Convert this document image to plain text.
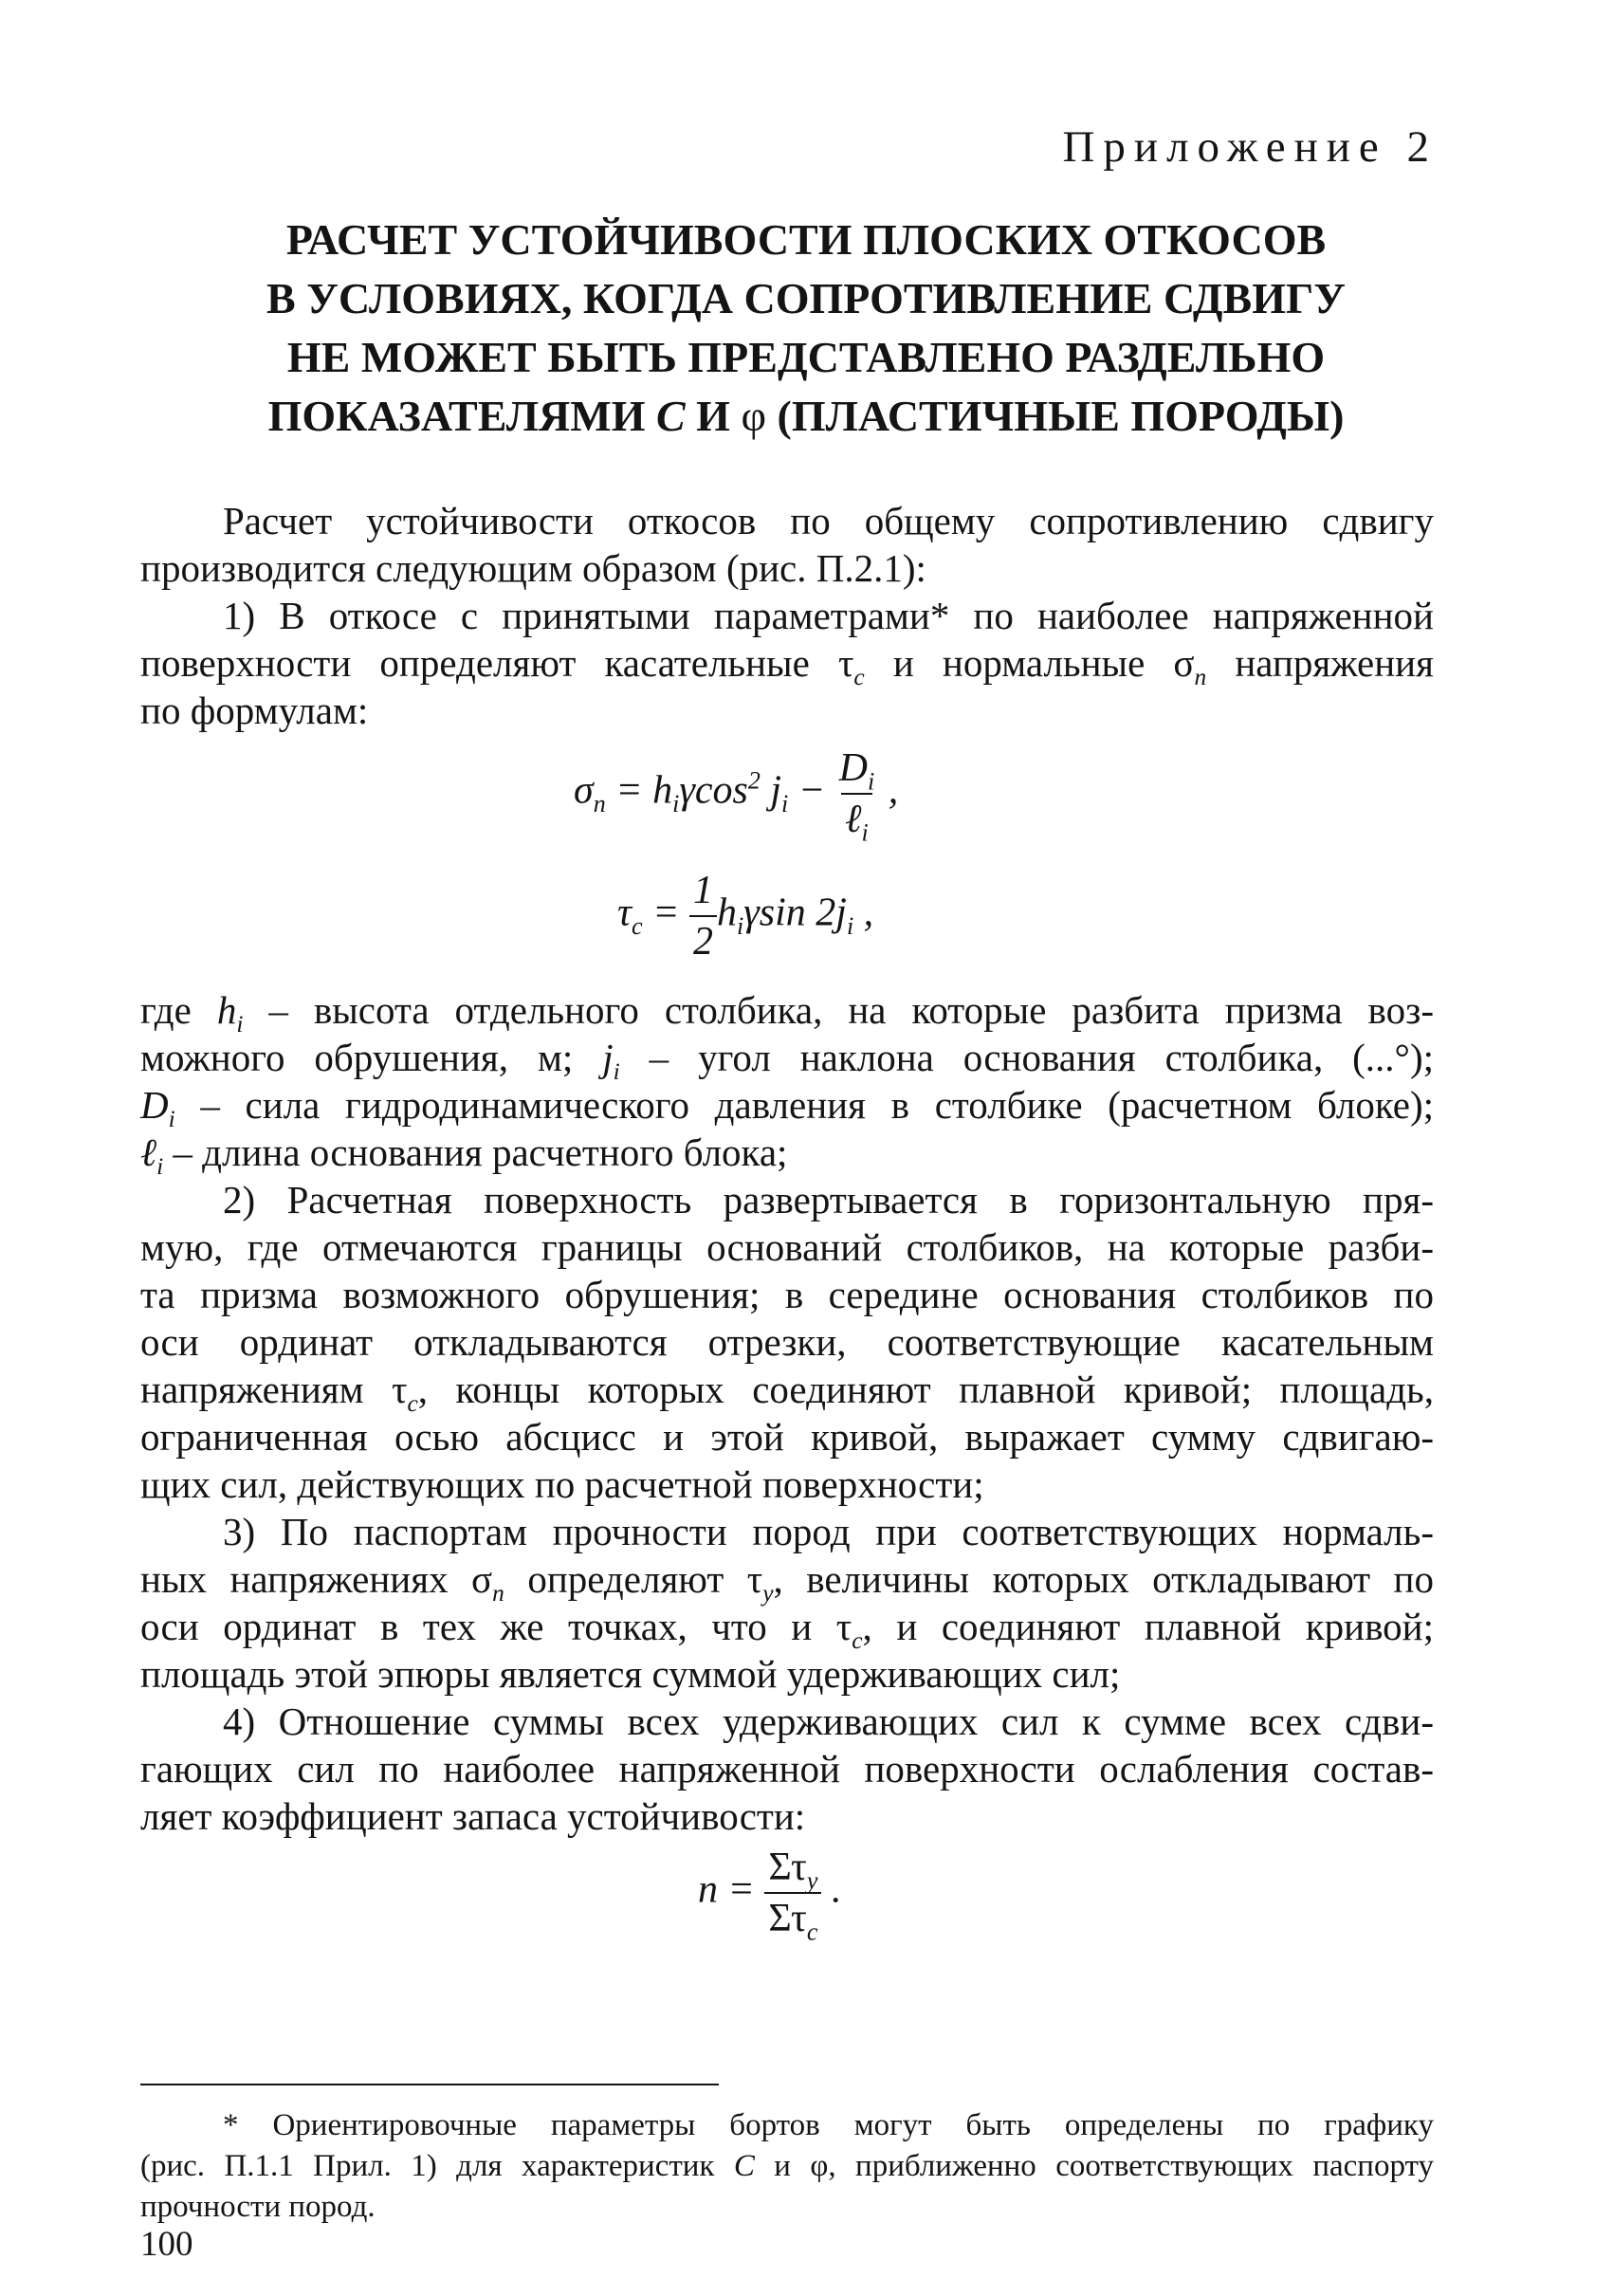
Приложение 2
РАСЧЕТ УСТОЙЧИВОСТИ ПЛОСКИХ ОТКОСОВ
В УСЛОВИЯХ, КОГДА СОПРОТИВЛЕНИЕ СДВИГУ
НЕ МОЖЕТ БЫТЬ ПРЕДСТАВЛЕНО РАЗДЕЛЬНО
ПОКАЗАТЕЛЯМИ С И φ (ПЛАСТИЧНЫЕ ПОРОДЫ)
Расчет устойчивости откосов по общему сопротивлению сдвигу
производится следующим образом (рис. П.2.1):
1) В откосе с принятыми параметрами* по наиболее напряженной
поверхности определяют касательные $\tau_с$ и нормальные $\sigma_n$ напряжения
по формулам:
$\sigma_n = h_i\gamma\cos^2$ $j_i - \frac{D_i}{\ell_i}$ ,
$\tau_c = \frac{1}{2} h_i\gamma\sin$ $2j_i$ ,
где $h_i$ – высота отдельного столбика, на которые разбита призма воз-
можного обрушения, м; $j_i$ – угол наклона основания столбика, (...°);
$D_i$ – сила гидродинамического давления в столбике (расчетном блоке);
ℓ$_i$ – длина основания расчетного блока;
2) Расчетная поверхность развертывается в горизонтальную пря-
мую, где отмечаются границы оснований столбиков, на которые разби-
та призма возможного обрушения; в середине основания столбиков по
оси ординат откладываются отрезки, соответствующие касательным
напряжениям $\tau_с$, концы которых соединяют плавной кривой; площадь,
ограниченная осью абсцисс и этой кривой, выражает сумму сдвигаю-
щих сил, действующих по расчетной поверхности;
3) По паспортам прочности пород при соответствующих нормаль-
ных напряжениях $\sigma_n$ определяют $\tau_у$, величины которых откладывают по
оси ординат в тех же точках, что и $\tau_с$, и соединяют плавной кривой;
площадь этой эпюры является суммой удерживающих сил;
4) Отношение суммы всех удерживающих сил к сумме всех сдви-
гающих сил по наиболее напряженной поверхности ослабления состав-
ляет коэффициент запаса устойчивости:
$n = \frac{\Sigma\tau_y}{\Sigma\tau_c}$ .
* Ориентировочные параметры бортов могут быть определены по графику
(рис. П.1.1 Прил. 1) для характеристик С и φ, приближенно соответствующих паспорту
прочности пород.
100
